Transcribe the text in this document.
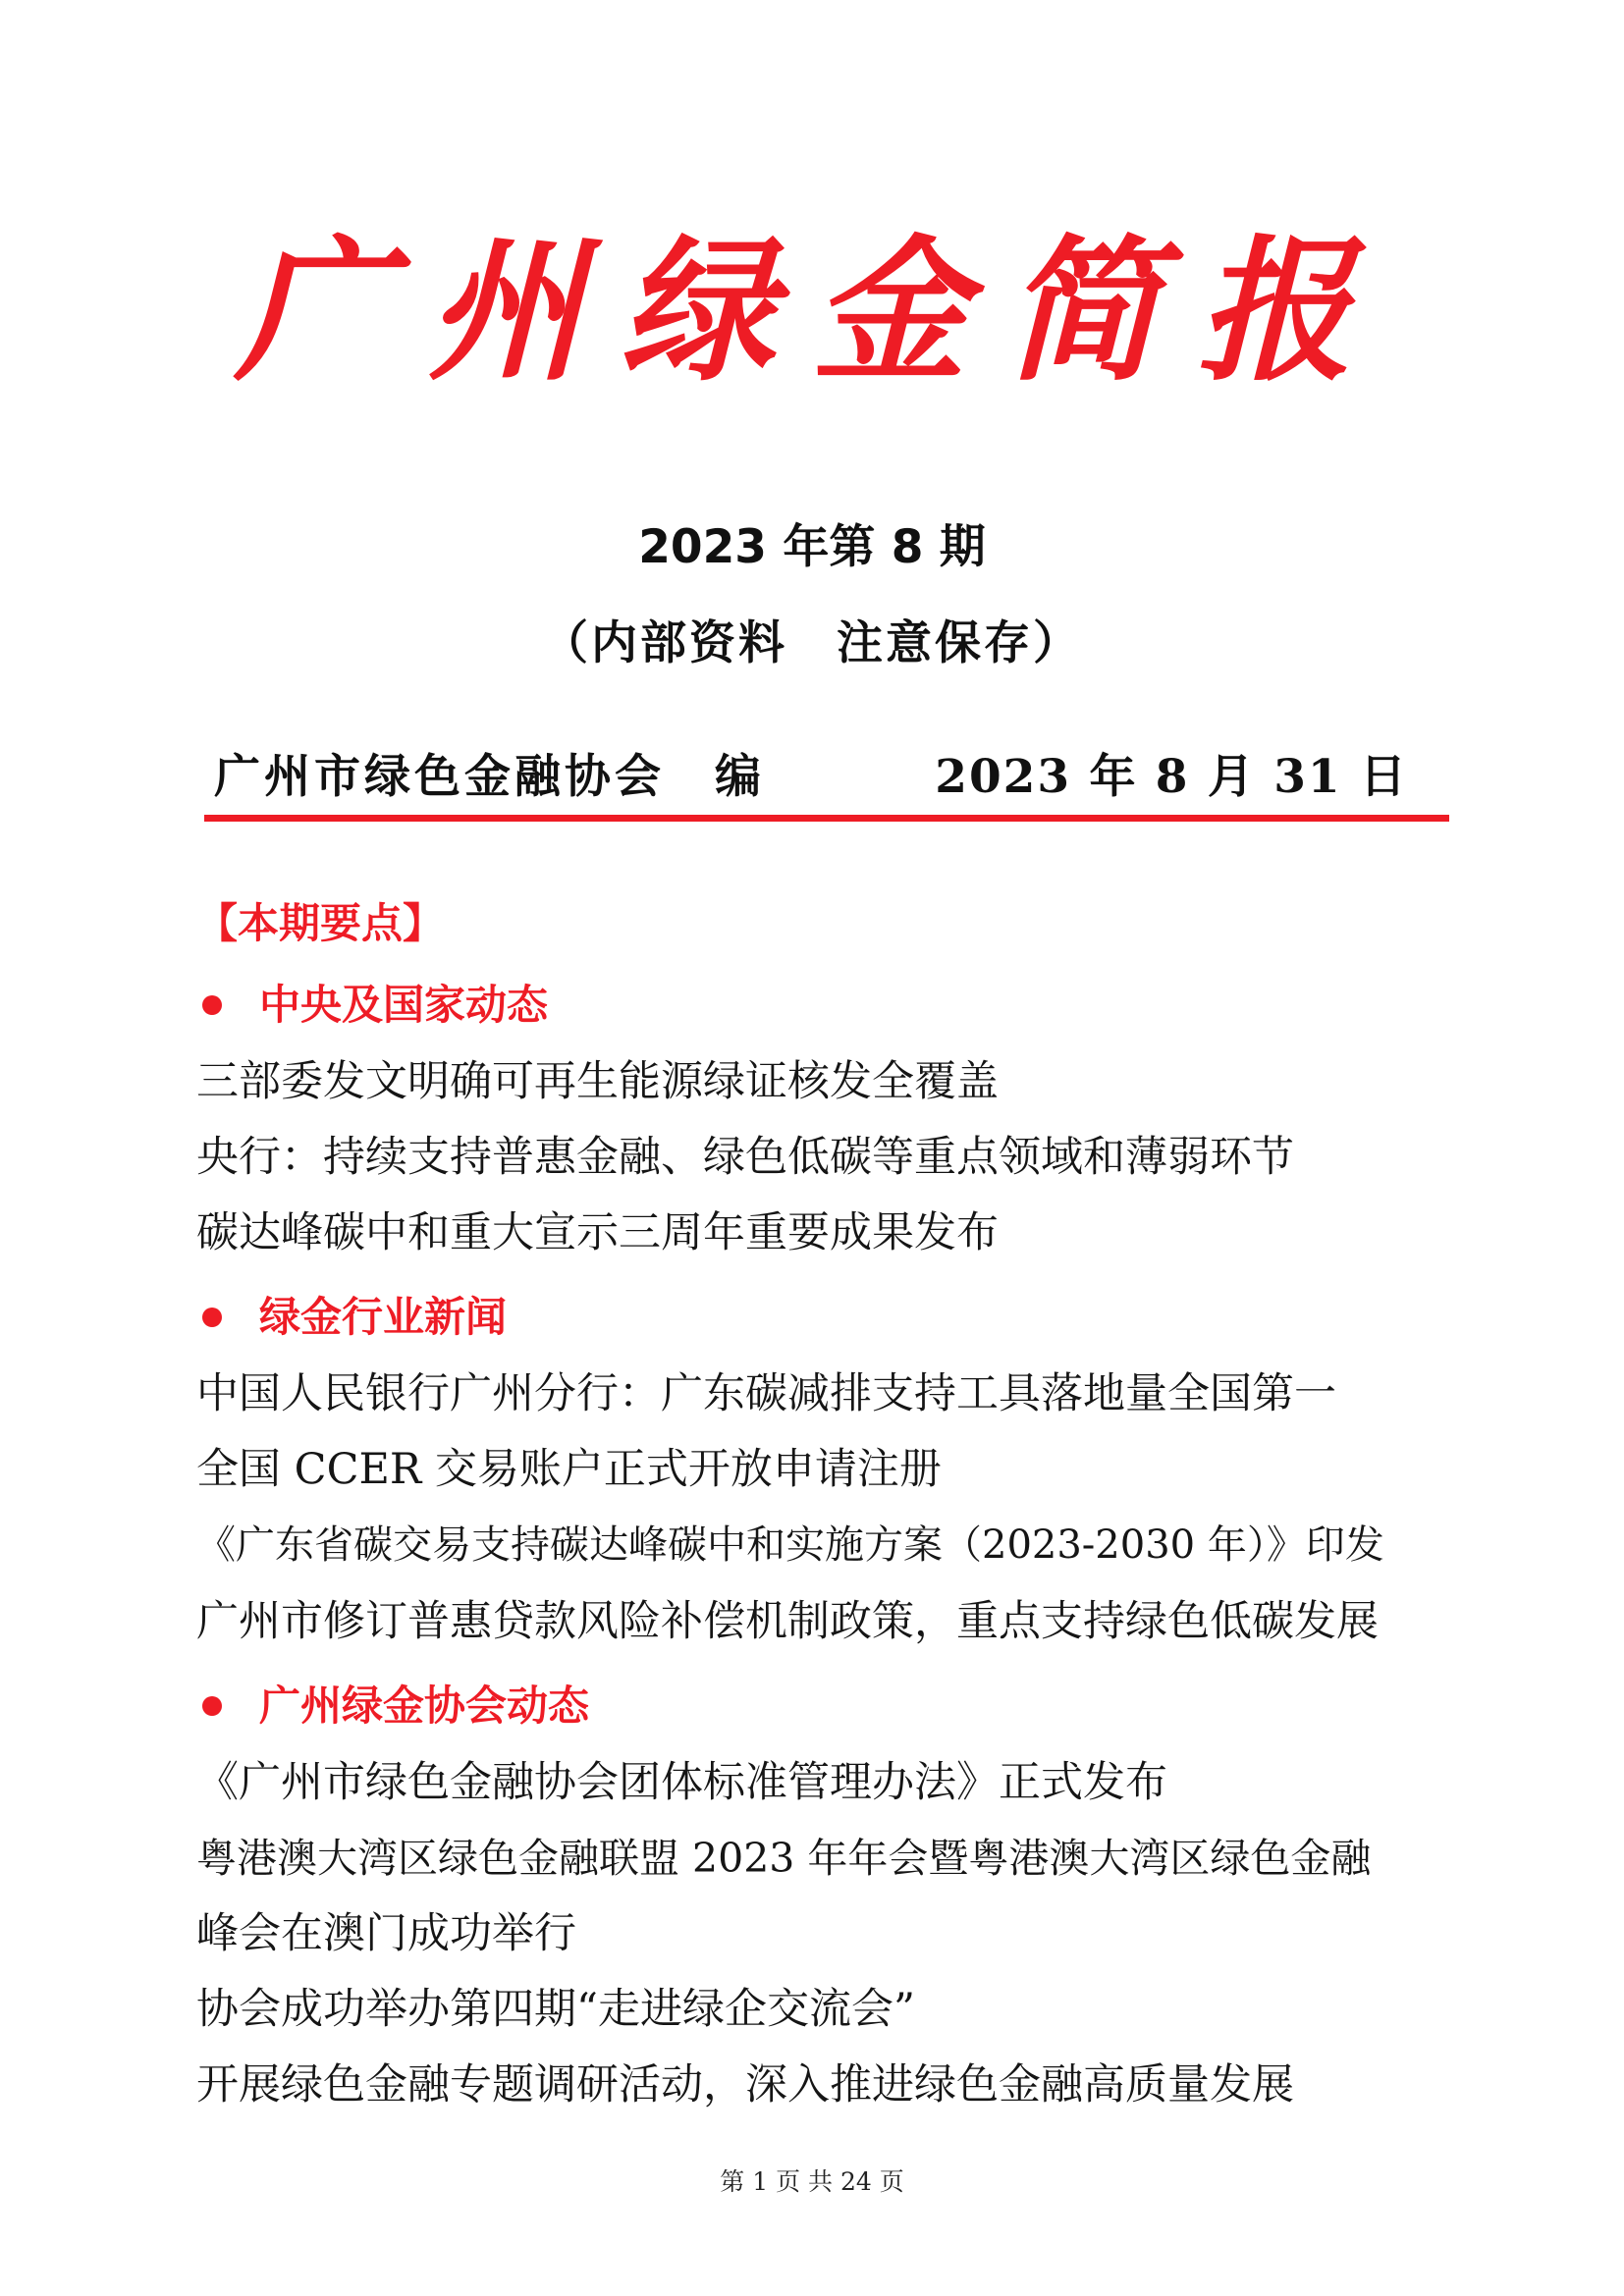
广州绿金简报
2023 年第 8 期
（内部资料　注意保存）
广州市绿色金融协会　编	2023 年 8 月 31 日
【本期要点】
中央及国家动态
三部委发文明确可再生能源绿证核发全覆盖
央行：持续支持普惠金融、绿色低碳等重点领域和薄弱环节
碳达峰碳中和重大宣示三周年重要成果发布
绿金行业新闻
中国人民银行广州分行：广东碳减排支持工具落地量全国第一
全国 CCER 交易账户正式开放申请注册
《广东省碳交易支持碳达峰碳中和实施方案（2023-2030 年）》印发
广州市修订普惠贷款风险补偿机制政策，重点支持绿色低碳发展
广州绿金协会动态
《广州市绿色金融协会团体标准管理办法》正式发布
粤港澳大湾区绿色金融联盟 2023 年年会暨粤港澳大湾区绿色金融
峰会在澳门成功举行
协会成功举办第四期“走进绿企交流会”
开展绿色金融专题调研活动，深入推进绿色金融高质量发展
第 1 页 共 24 页
